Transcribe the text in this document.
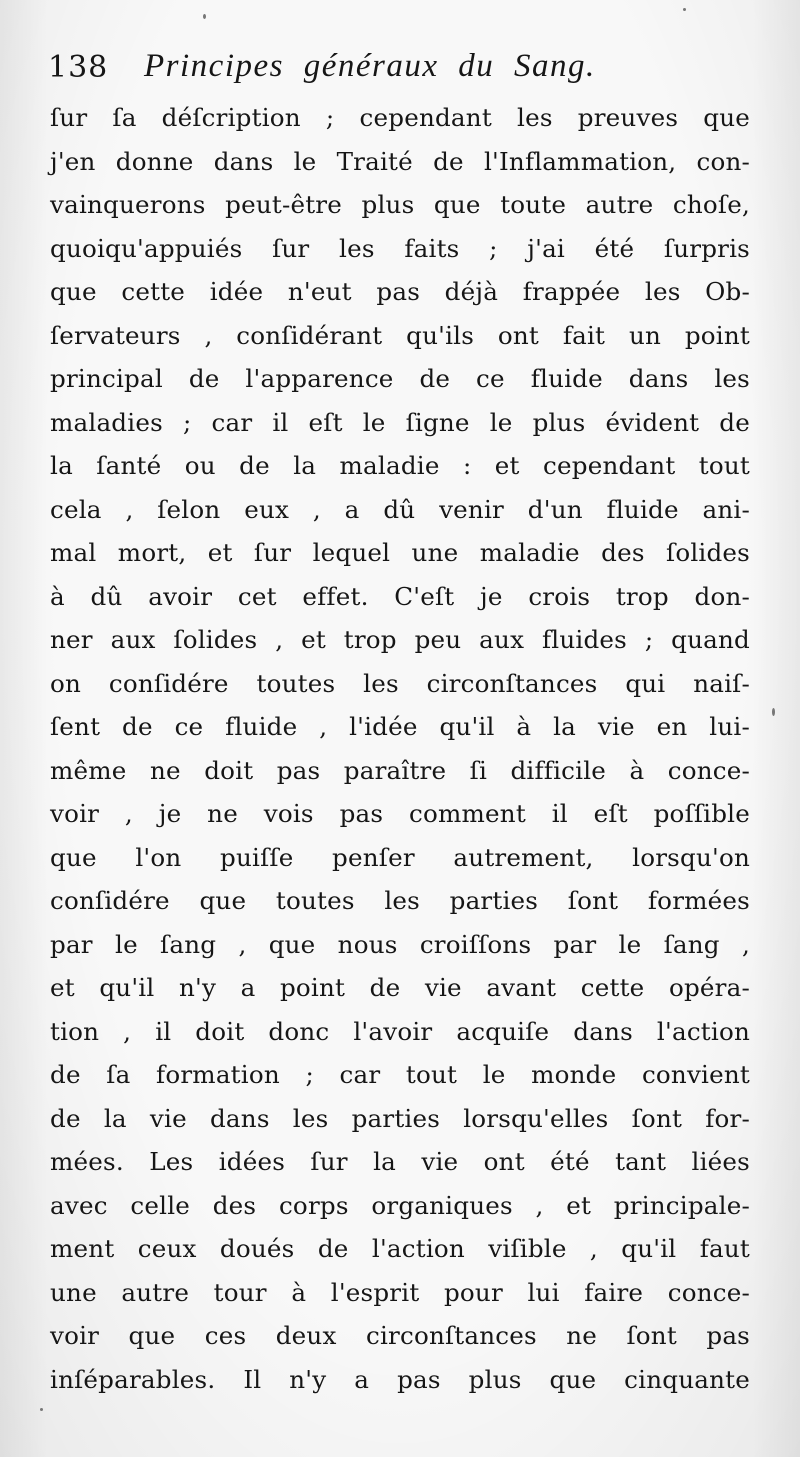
138 Principes généraux du Sang.
ſur ſa déſcription ; cependant les preuves que
j'en donne dans le Traité de l'Inflammation, con-
vainquerons peut-être plus que toute autre choſe,
quoiqu'appuiés ſur les faits ; j'ai été ſurpris
que cette idée n'eut pas déjà frappée les Ob-
ſervateurs , conſidérant qu'ils ont fait un point
principal de l'apparence de ce fluide dans les
maladies ; car il eſt le ſigne le plus évident de
la ſanté ou de la maladie : et cependant tout
cela , ſelon eux , a dû venir d'un fluide ani-
mal mort, et ſur lequel une maladie des ſolides
à dû avoir cet effet. C'eſt je crois trop don-
ner aux ſolides , et trop peu aux fluides ; quand
on conſidére toutes les circonſtances qui naiſ-
ſent de ce fluide , l'idée qu'il à la vie en lui-
même ne doit pas paraître ſi difficile à conce-
voir , je ne vois pas comment il eſt poſſible
que l'on puiſſe penſer autrement, lorsqu'on
conſidére que toutes les parties ſont formées
par le ſang , que nous croiſſons par le ſang ,
et qu'il n'y a point de vie avant cette opéra-
tion , il doit donc l'avoir acquiſe dans l'action
de ſa formation ; car tout le monde convient
de la vie dans les parties lorsqu'elles ſont for-
mées. Les idées ſur la vie ont été tant liées
avec celle des corps organiques , et principale-
ment ceux doués de l'action viſible , qu'il faut
une autre tour à l'esprit pour lui faire conce-
voir que ces deux circonſtances ne ſont pas
inſéparables. Il n'y a pas plus que cinquante
